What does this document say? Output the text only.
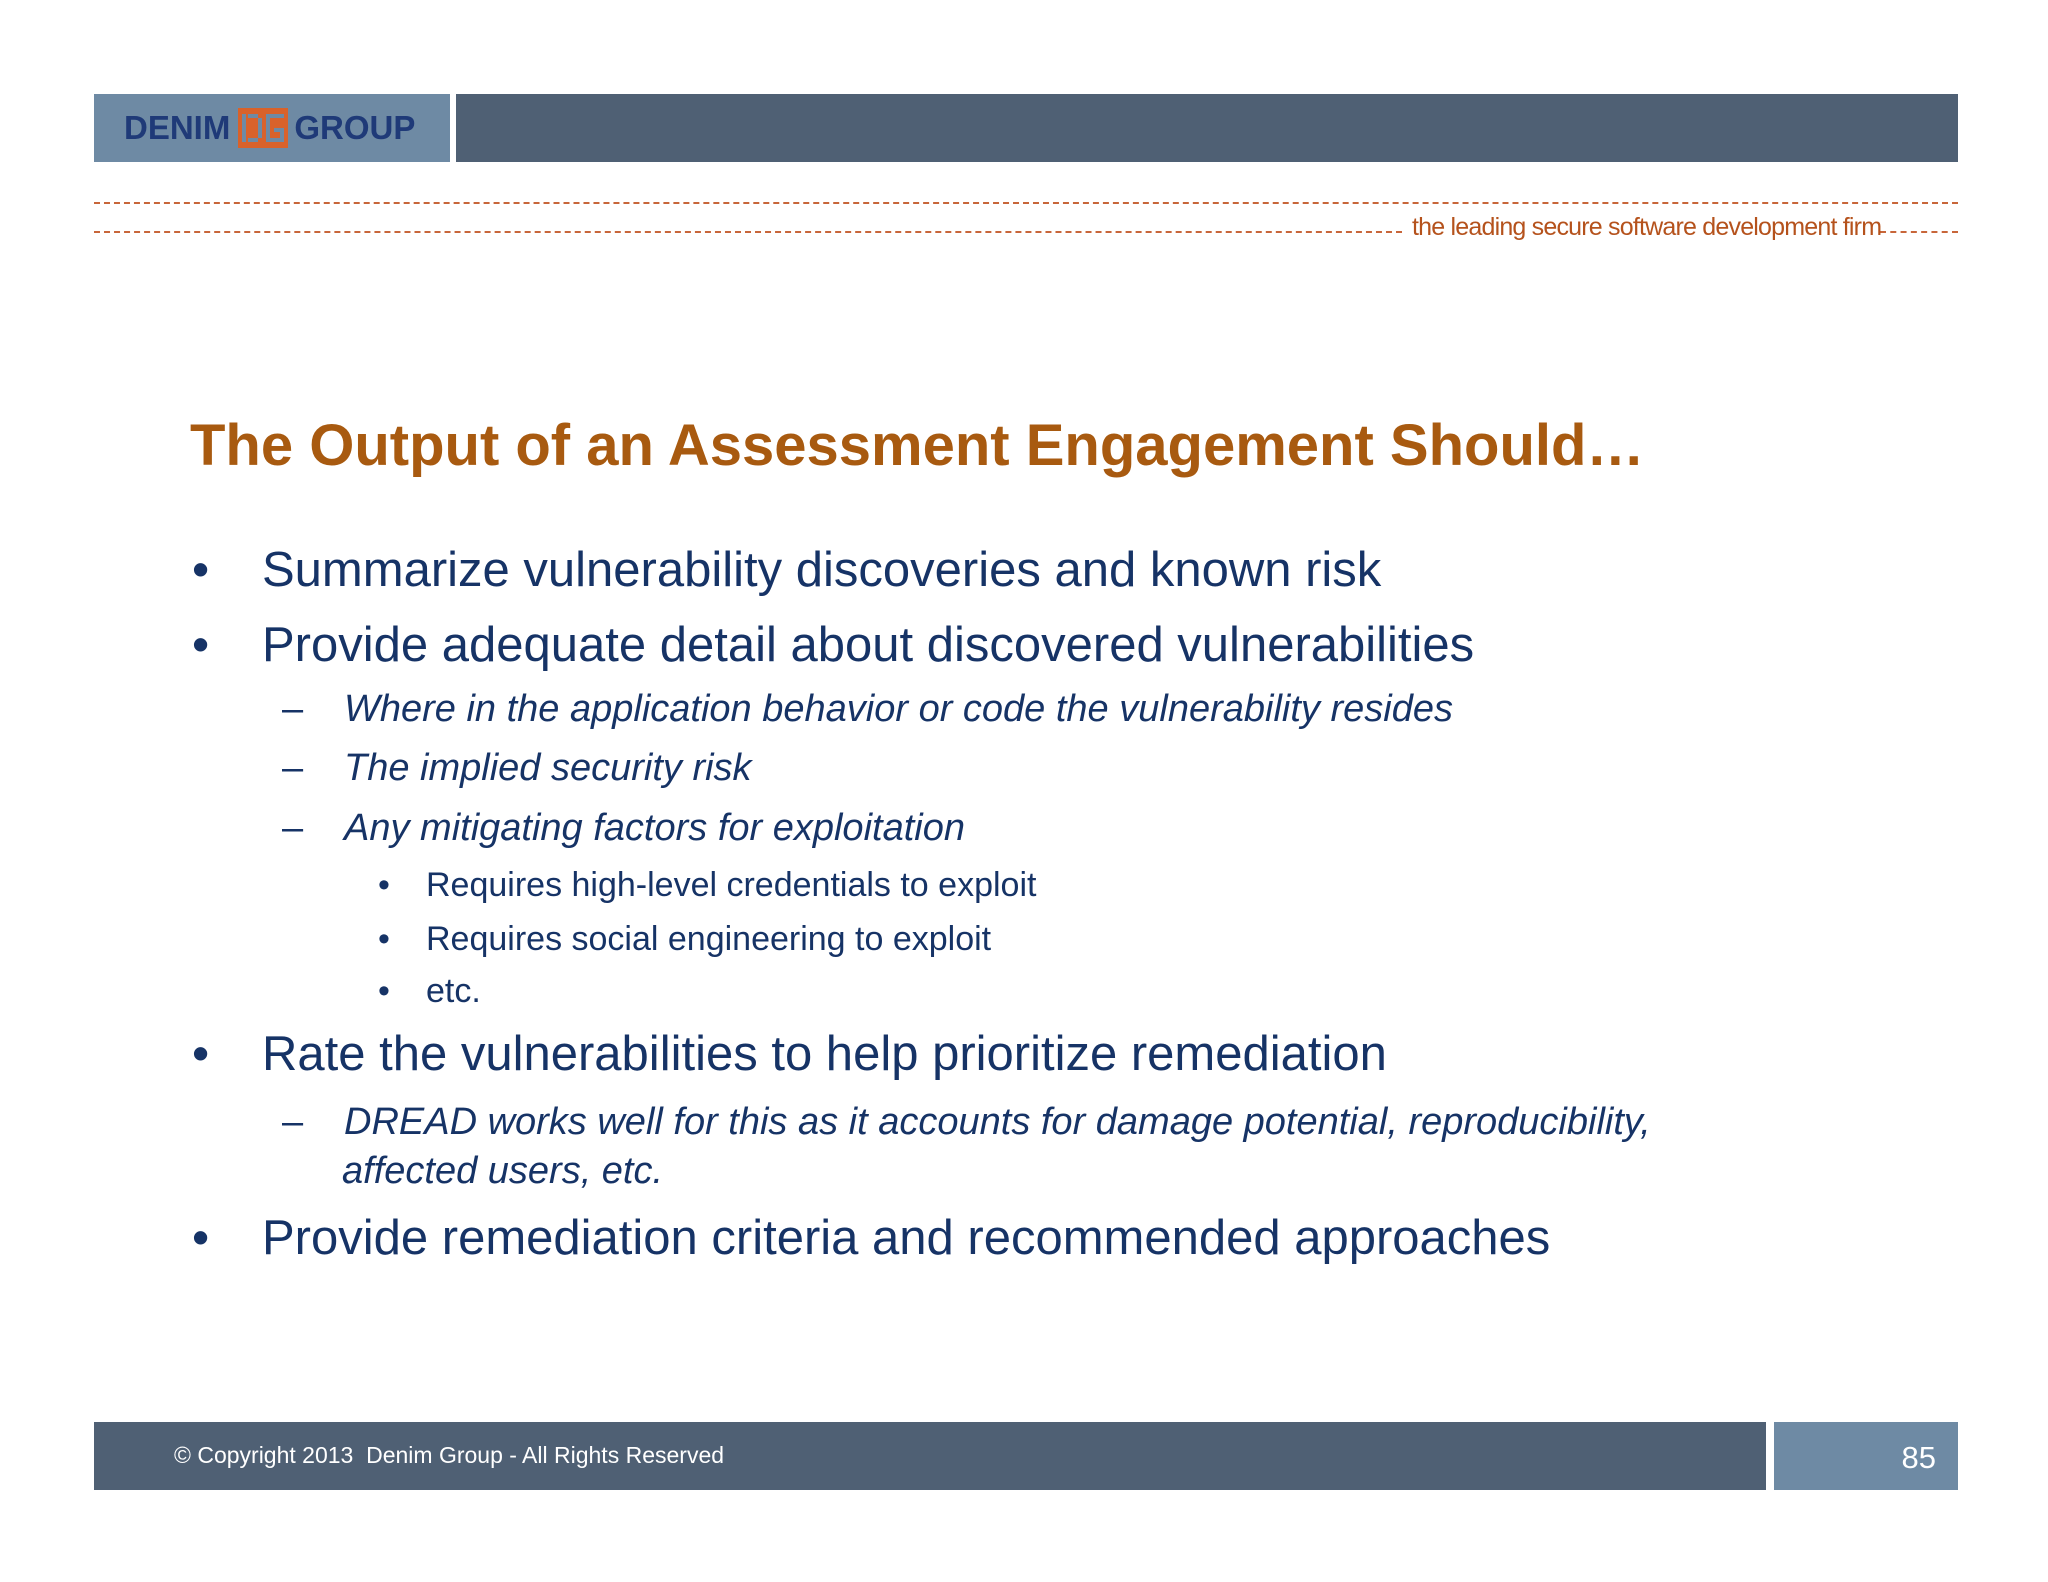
DENIM GROUP
the leading secure software development firm
The Output of an Assessment Engagement Should…
• Summarize vulnerability discoveries and known risk
• Provide adequate detail about discovered vulnerabilities
– Where in the application behavior or code the vulnerability resides
– The implied security risk
– Any mitigating factors for exploitation
• Requires high-level credentials to exploit
• Requires social engineering to exploit
• etc.
• Rate the vulnerabilities to help prioritize remediation
– DREAD works well for this as it accounts for damage potential, reproducibility,
affected users, etc.
• Provide remediation criteria and recommended approaches
© Copyright 2013  Denim Group - All Rights Reserved	85
